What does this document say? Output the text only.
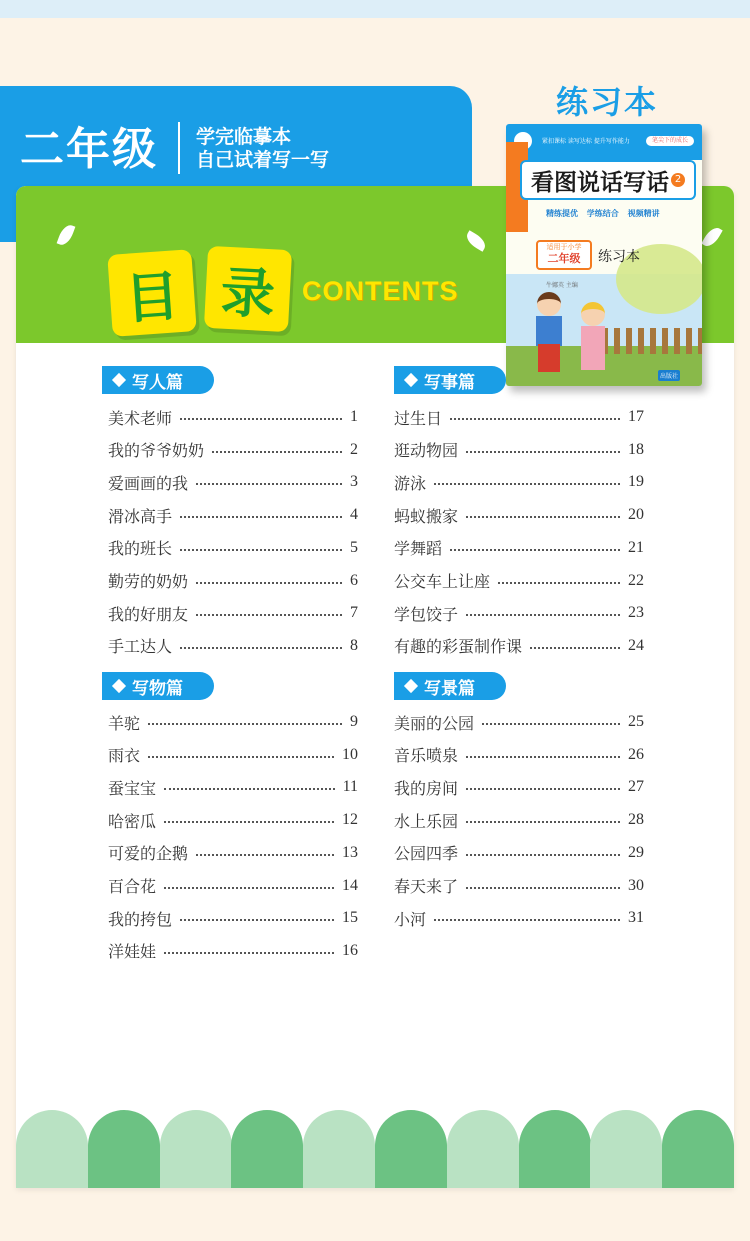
二年级 学完临摹本
自己试着写一写
目 录 CONTENTS
练习本
紧扣课标 读写达标 提升写作能力	笔尖下的成长
看图说话写话 2
精练提优 学练结合 视频精讲
适用于小学
二年级	练习本
牛娜英 主编
出版社
写人篇	写事篇
写物篇	写景篇
美术老师	1
我的爷爷奶奶	2
爱画画的我	3
滑冰高手	4
我的班长	5
勤劳的奶奶	6
我的好朋友	7
手工达人	8
过生日	17
逛动物园	18
游泳	19
蚂蚁搬家	20
学舞蹈	21
公交车上让座	22
学包饺子	23
有趣的彩蛋制作课	24
羊驼	9
雨衣	10
蚕宝宝	11
哈密瓜	12
可爱的企鹅	13
百合花	14
我的挎包	15
洋娃娃	16
美丽的公园	25
音乐喷泉	26
我的房间	27
水上乐园	28
公园四季	29
春天来了	30
小河	31
